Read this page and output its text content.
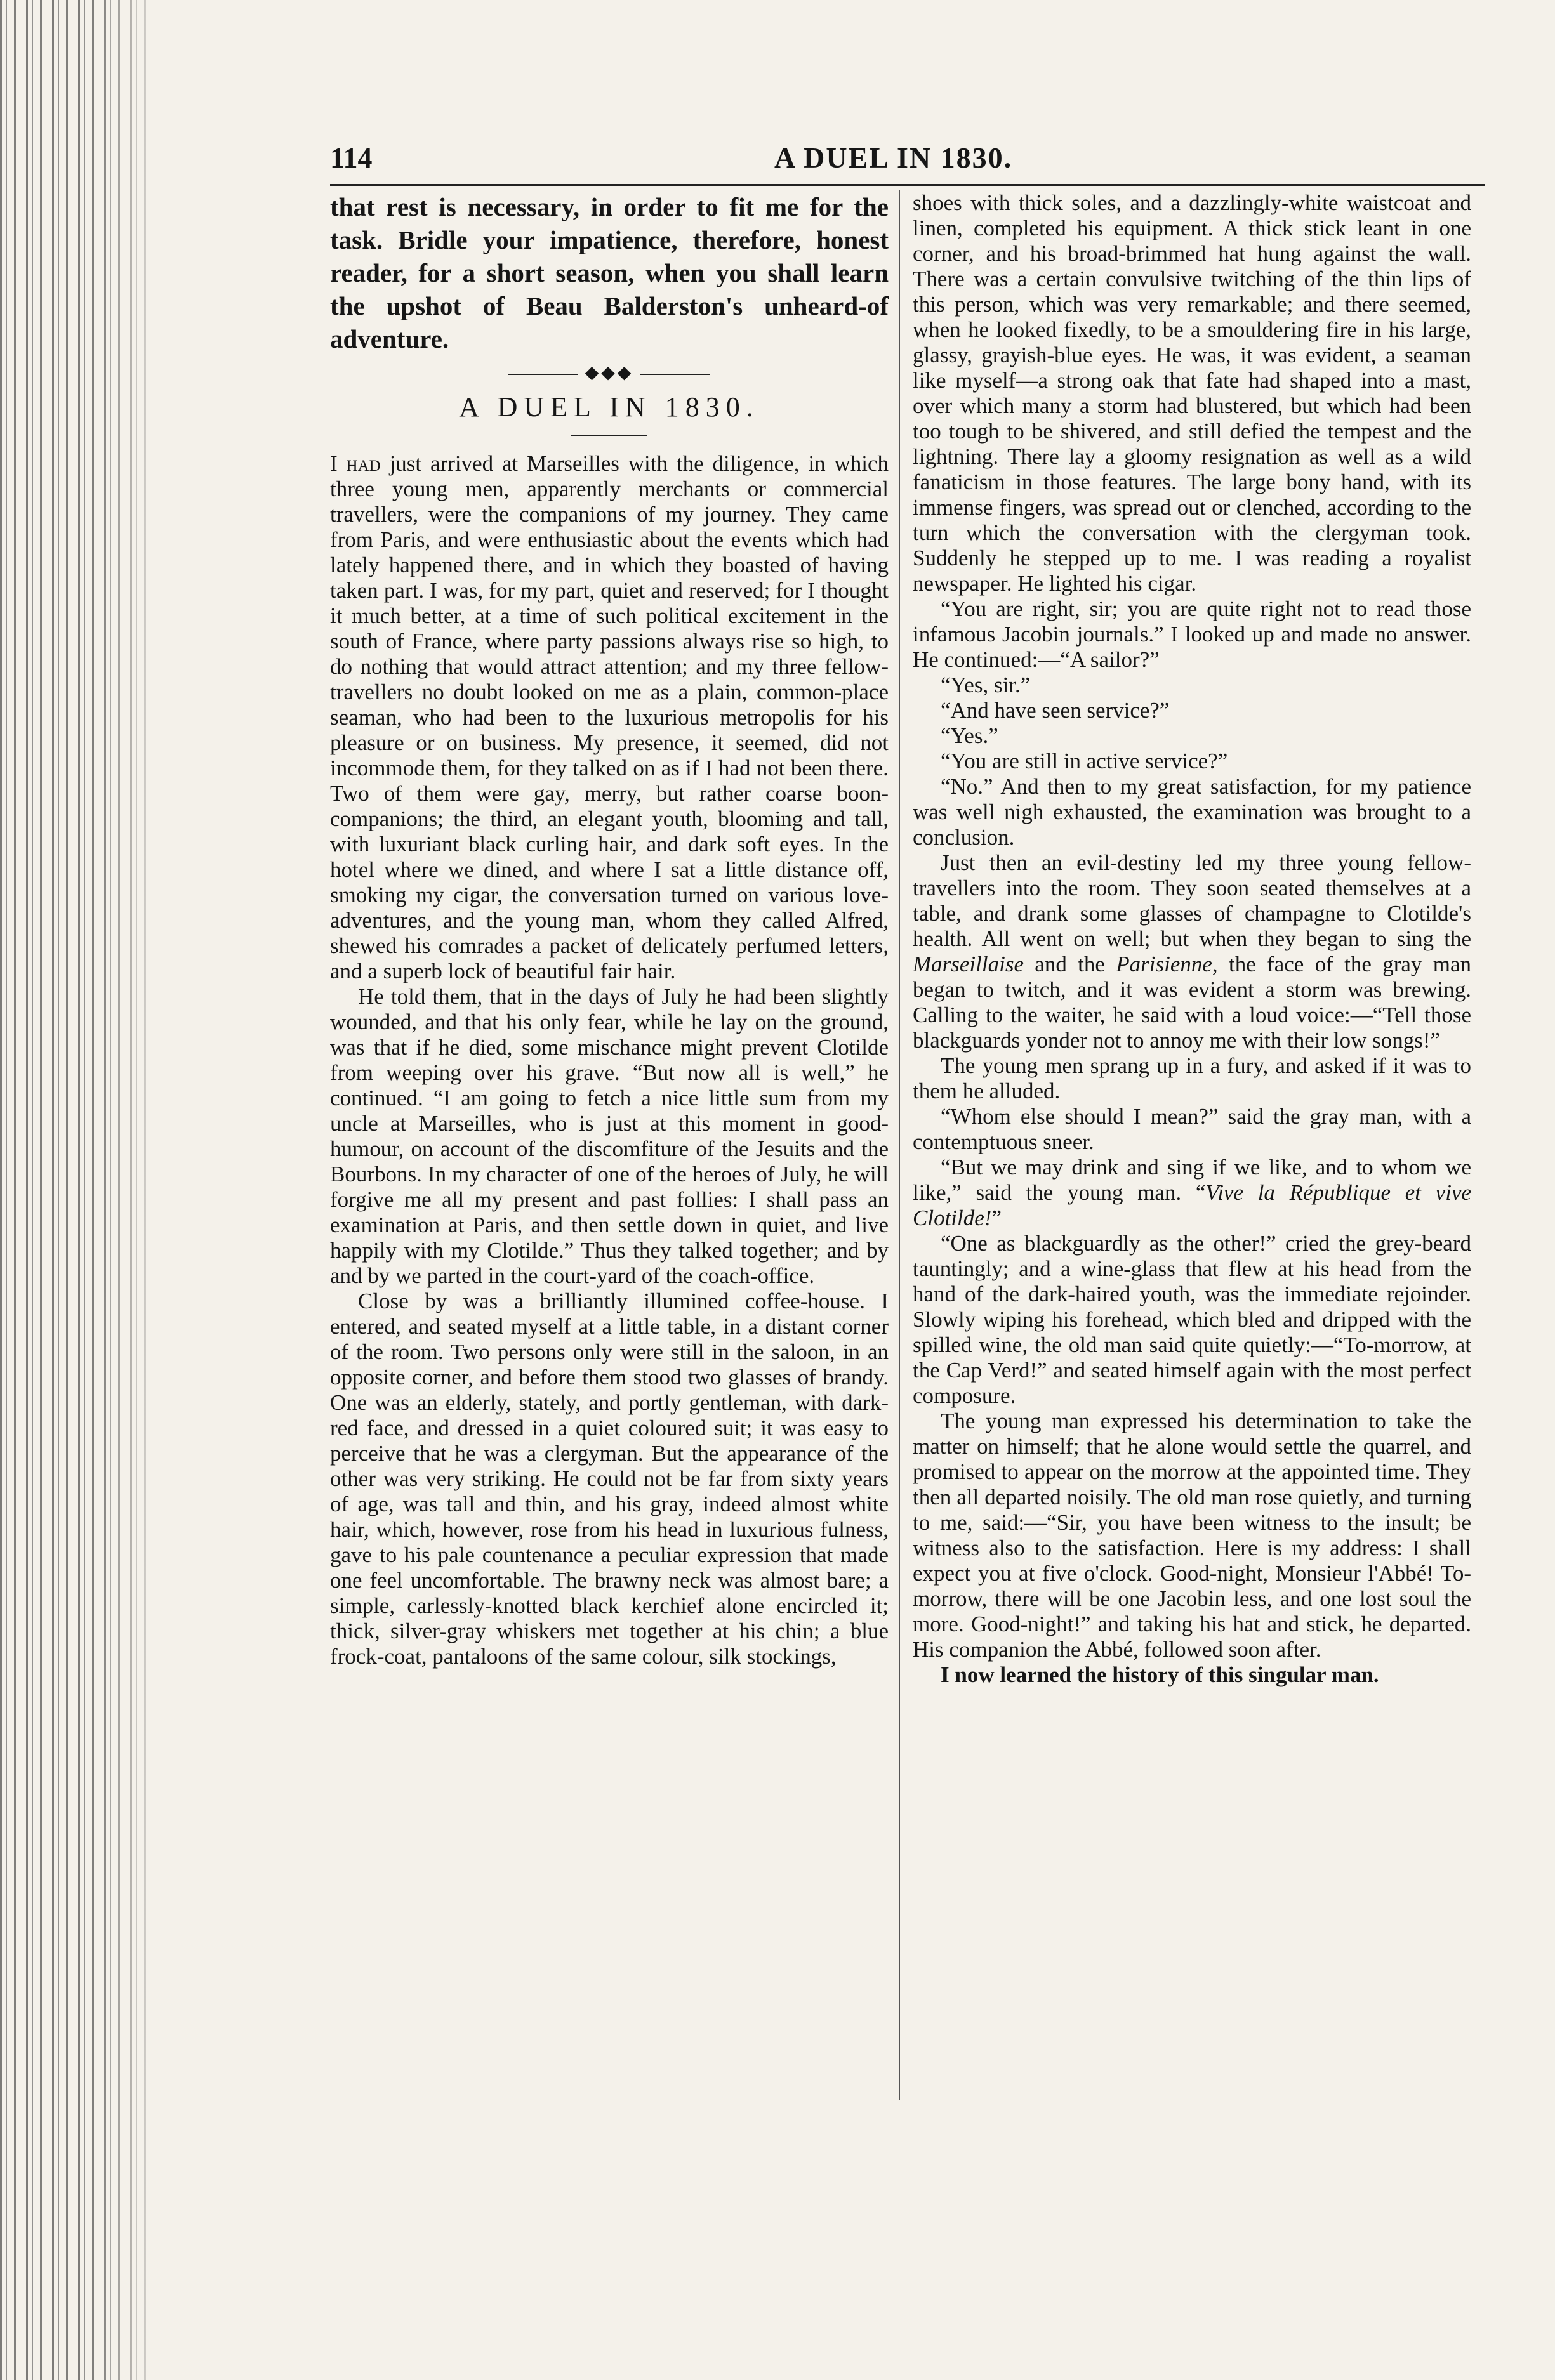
114	A DUEL IN 1830.

that rest is necessary, in order to fit me for the task. Bridle your impatience, therefore, honest reader, for a short season, when you shall learn the upshot of Beau Balderston's unheard-of adventure.

◆◆◆
A DUEL IN 1830.

I had just arrived at Marseilles with the diligence, in which three young men, apparently merchants or commercial travellers, were the companions of my journey. They came from Paris, and were enthusiastic about the events which had lately happened there, and in which they boasted of having taken part. I was, for my part, quiet and reserved; for I thought it much better, at a time of such political excitement in the south of France, where party passions always rise so high, to do nothing that would attract attention; and my three fellow-travellers no doubt looked on me as a plain, common-place seaman, who had been to the luxurious metropolis for his pleasure or on business. My presence, it seemed, did not incommode them, for they talked on as if I had not been there. Two of them were gay, merry, but rather coarse boon-companions; the third, an elegant youth, blooming and tall, with luxuriant black curling hair, and dark soft eyes. In the hotel where we dined, and where I sat a little distance off, smoking my cigar, the conversation turned on various love-adventures, and the young man, whom they called Alfred, shewed his comrades a packet of delicately perfumed letters, and a superb lock of beautiful fair hair.

He told them, that in the days of July he had been slightly wounded, and that his only fear, while he lay on the ground, was that if he died, some mischance might prevent Clotilde from weeping over his grave. “But now all is well,” he continued. “I am going to fetch a nice little sum from my uncle at Marseilles, who is just at this moment in good-humour, on account of the discomfiture of the Jesuits and the Bourbons. In my character of one of the heroes of July, he will forgive me all my present and past follies: I shall pass an examination at Paris, and then settle down in quiet, and live happily with my Clotilde.” Thus they talked together; and by and by we parted in the court-yard of the coach-office.

Close by was a brilliantly illumined coffee-house. I entered, and seated myself at a little table, in a distant corner of the room. Two persons only were still in the saloon, in an opposite corner, and before them stood two glasses of brandy. One was an elderly, stately, and portly gentleman, with dark-red face, and dressed in a quiet coloured suit; it was easy to perceive that he was a clergyman. But the appearance of the other was very striking. He could not be far from sixty years of age, was tall and thin, and his gray, indeed almost white hair, which, however, rose from his head in luxurious fulness, gave to his pale countenance a peculiar expression that made one feel uncomfortable. The brawny neck was almost bare; a simple, carlessly-knotted black kerchief alone encircled it; thick, silver-gray whiskers met together at his chin; a blue frock-coat, pantaloons of the same colour, silk stockings,

shoes with thick soles, and a dazzlingly-white waistcoat and linen, completed his equipment. A thick stick leant in one corner, and his broad-brimmed hat hung against the wall. There was a certain convulsive twitching of the thin lips of this person, which was very remarkable; and there seemed, when he looked fixedly, to be a smouldering fire in his large, glassy, grayish-blue eyes. He was, it was evident, a seaman like myself—a strong oak that fate had shaped into a mast, over which many a storm had blustered, but which had been too tough to be shivered, and still defied the tempest and the lightning. There lay a gloomy resignation as well as a wild fanaticism in those features. The large bony hand, with its immense fingers, was spread out or clenched, according to the turn which the conversation with the clergyman took. Suddenly he stepped up to me. I was reading a royalist newspaper. He lighted his cigar.

“You are right, sir; you are quite right not to read those infamous Jacobin journals.” I looked up and made no answer. He continued:—“A sailor?”

“Yes, sir.”

“And have seen service?”

“Yes.”

“You are still in active service?”

“No.” And then to my great satisfaction, for my patience was well nigh exhausted, the examination was brought to a conclusion.

Just then an evil-destiny led my three young fellow-travellers into the room. They soon seated themselves at a table, and drank some glasses of champagne to Clotilde's health. All went on well; but when they began to sing the Marseillaise and the Parisienne, the face of the gray man began to twitch, and it was evident a storm was brewing. Calling to the waiter, he said with a loud voice:—“Tell those blackguards yonder not to annoy me with their low songs!”

The young men sprang up in a fury, and asked if it was to them he alluded.

“Whom else should I mean?” said the gray man, with a contemptuous sneer.

“But we may drink and sing if we like, and to whom we like,” said the young man. “Vive la République et vive Clotilde!”

“One as blackguardly as the other!” cried the grey-beard tauntingly; and a wine-glass that flew at his head from the hand of the dark-haired youth, was the immediate rejoinder. Slowly wiping his forehead, which bled and dripped with the spilled wine, the old man said quite quietly:—“To-morrow, at the Cap Verd!” and seated himself again with the most perfect composure.

The young man expressed his determination to take the matter on himself; that he alone would settle the quarrel, and promised to appear on the morrow at the appointed time. They then all departed noisily. The old man rose quietly, and turning to me, said:—“Sir, you have been witness to the insult; be witness also to the satisfaction. Here is my address: I shall expect you at five o'clock. Good-night, Monsieur l'Abbé! To-morrow, there will be one Jacobin less, and one lost soul the more. Good-night!” and taking his hat and stick, he departed. His companion the Abbé, followed soon after.

I now learned the history of this singular man.
